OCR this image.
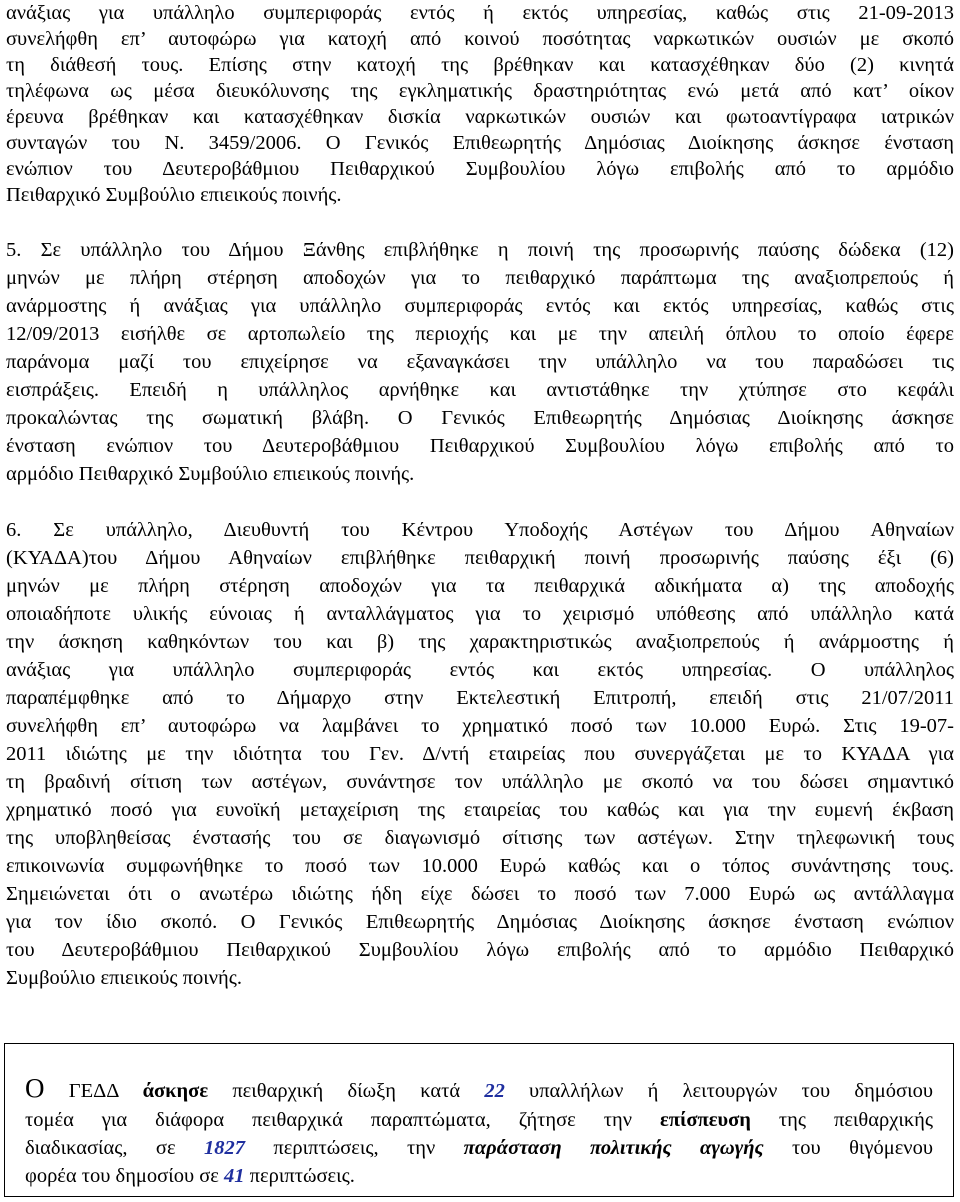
ανάξιας για υπάλληλο συμπεριφοράς εντός ή εκτός υπηρεσίας, καθώς στις 21-09-2013
συνελήφθη επ’ αυτοφώρω για κατοχή από κοινού ποσότητας ναρκωτικών ουσιών με σκοπό
τη διάθεσή τους. Επίσης στην κατοχή της βρέθηκαν και κατασχέθηκαν δύο (2) κινητά
τηλέφωνα ως μέσα διευκόλυνσης της εγκληματικής δραστηριότητας ενώ μετά από κατ’ οίκον
έρευνα βρέθηκαν και κατασχέθηκαν δισκία ναρκωτικών ουσιών και φωτοαντίγραφα ιατρικών
συνταγών του Ν. 3459/2006. Ο Γενικός Επιθεωρητής Δημόσιας Διοίκησης άσκησε ένσταση
ενώπιον του Δευτεροβάθμιου Πειθαρχικού Συμβουλίου λόγω επιβολής από το αρμόδιο
Πειθαρχικό Συμβούλιο επιεικούς ποινής.
5. Σε υπάλληλο του Δήμου Ξάνθης επιβλήθηκε η ποινή της προσωρινής παύσης δώδεκα (12)
μηνών με πλήρη στέρηση αποδοχών για το πειθαρχικό παράπτωμα της αναξιοπρεπούς ή
ανάρμοστης ή ανάξιας για υπάλληλο συμπεριφοράς εντός και εκτός υπηρεσίας, καθώς στις
12/09/2013 εισήλθε σε αρτοπωλείο της περιοχής και με την απειλή όπλου το οποίο έφερε
παράνομα μαζί του επιχείρησε να εξαναγκάσει την υπάλληλο να του παραδώσει τις
εισπράξεις. Επειδή η υπάλληλος αρνήθηκε και αντιστάθηκε την χτύπησε στο κεφάλι
προκαλώντας της σωματική βλάβη. Ο Γενικός Επιθεωρητής Δημόσιας Διοίκησης άσκησε
ένσταση ενώπιον του Δευτεροβάθμιου Πειθαρχικού Συμβουλίου λόγω επιβολής από το
αρμόδιο Πειθαρχικό Συμβούλιο επιεικούς ποινής.
6. Σε υπάλληλο, Διευθυντή του Κέντρου Υποδοχής Αστέγων του Δήμου Αθηναίων
(ΚΥΑΔΑ)του Δήμου Αθηναίων επιβλήθηκε πειθαρχική ποινή προσωρινής παύσης έξι (6)
μηνών με πλήρη στέρηση αποδοχών για τα πειθαρχικά αδικήματα α) της αποδοχής
οποιαδήποτε υλικής εύνοιας ή ανταλλάγματος για το χειρισμό υπόθεσης από υπάλληλο κατά
την άσκηση καθηκόντων του και β) της χαρακτηριστικώς αναξιοπρεπούς ή ανάρμοστης ή
ανάξιας για υπάλληλο συμπεριφοράς εντός και εκτός υπηρεσίας. Ο υπάλληλος
παραπέμφθηκε από το Δήμαρχο στην Εκτελεστική Επιτροπή, επειδή στις 21/07/2011
συνελήφθη επ’ αυτοφώρω να λαμβάνει το χρηματικό ποσό των 10.000 Ευρώ. Στις 19-07-
2011 ιδιώτης με την ιδιότητα του Γεν. Δ/ντή εταιρείας που συνεργάζεται με το ΚΥΑΔΑ για
τη βραδινή σίτιση των αστέγων, συνάντησε τον υπάλληλο με σκοπό να του δώσει σημαντικό
χρηματικό ποσό για ευνοϊκή μεταχείριση της εταιρείας του καθώς και για την ευμενή έκβαση
της υποβληθείσας ένστασής του σε διαγωνισμό σίτισης των αστέγων. Στην τηλεφωνική τους
επικοινωνία συμφωνήθηκε το ποσό των 10.000 Ευρώ καθώς και ο τόπος συνάντησης τους.
Σημειώνεται ότι ο ανωτέρω ιδιώτης ήδη είχε δώσει το ποσό των 7.000 Ευρώ ως αντάλλαγμα
για τον ίδιο σκοπό. Ο Γενικός Επιθεωρητής Δημόσιας Διοίκησης άσκησε ένσταση ενώπιον
του Δευτεροβάθμιου Πειθαρχικού Συμβουλίου λόγω επιβολής από το αρμόδιο Πειθαρχικό
Συμβούλιο επιεικούς ποινής.
Ο ΓΕΔΔ άσκησε πειθαρχική δίωξη κατά 22 υπαλλήλων ή λειτουργών του δημόσιου
τομέα για διάφορα πειθαρχικά παραπτώματα, ζήτησε την επίσπευση της πειθαρχικής
διαδικασίας, σε 1827 περιπτώσεις, την παράσταση πολιτικής αγωγής του θιγόμενου
φορέα του δημοσίου σε 41 περιπτώσεις.
